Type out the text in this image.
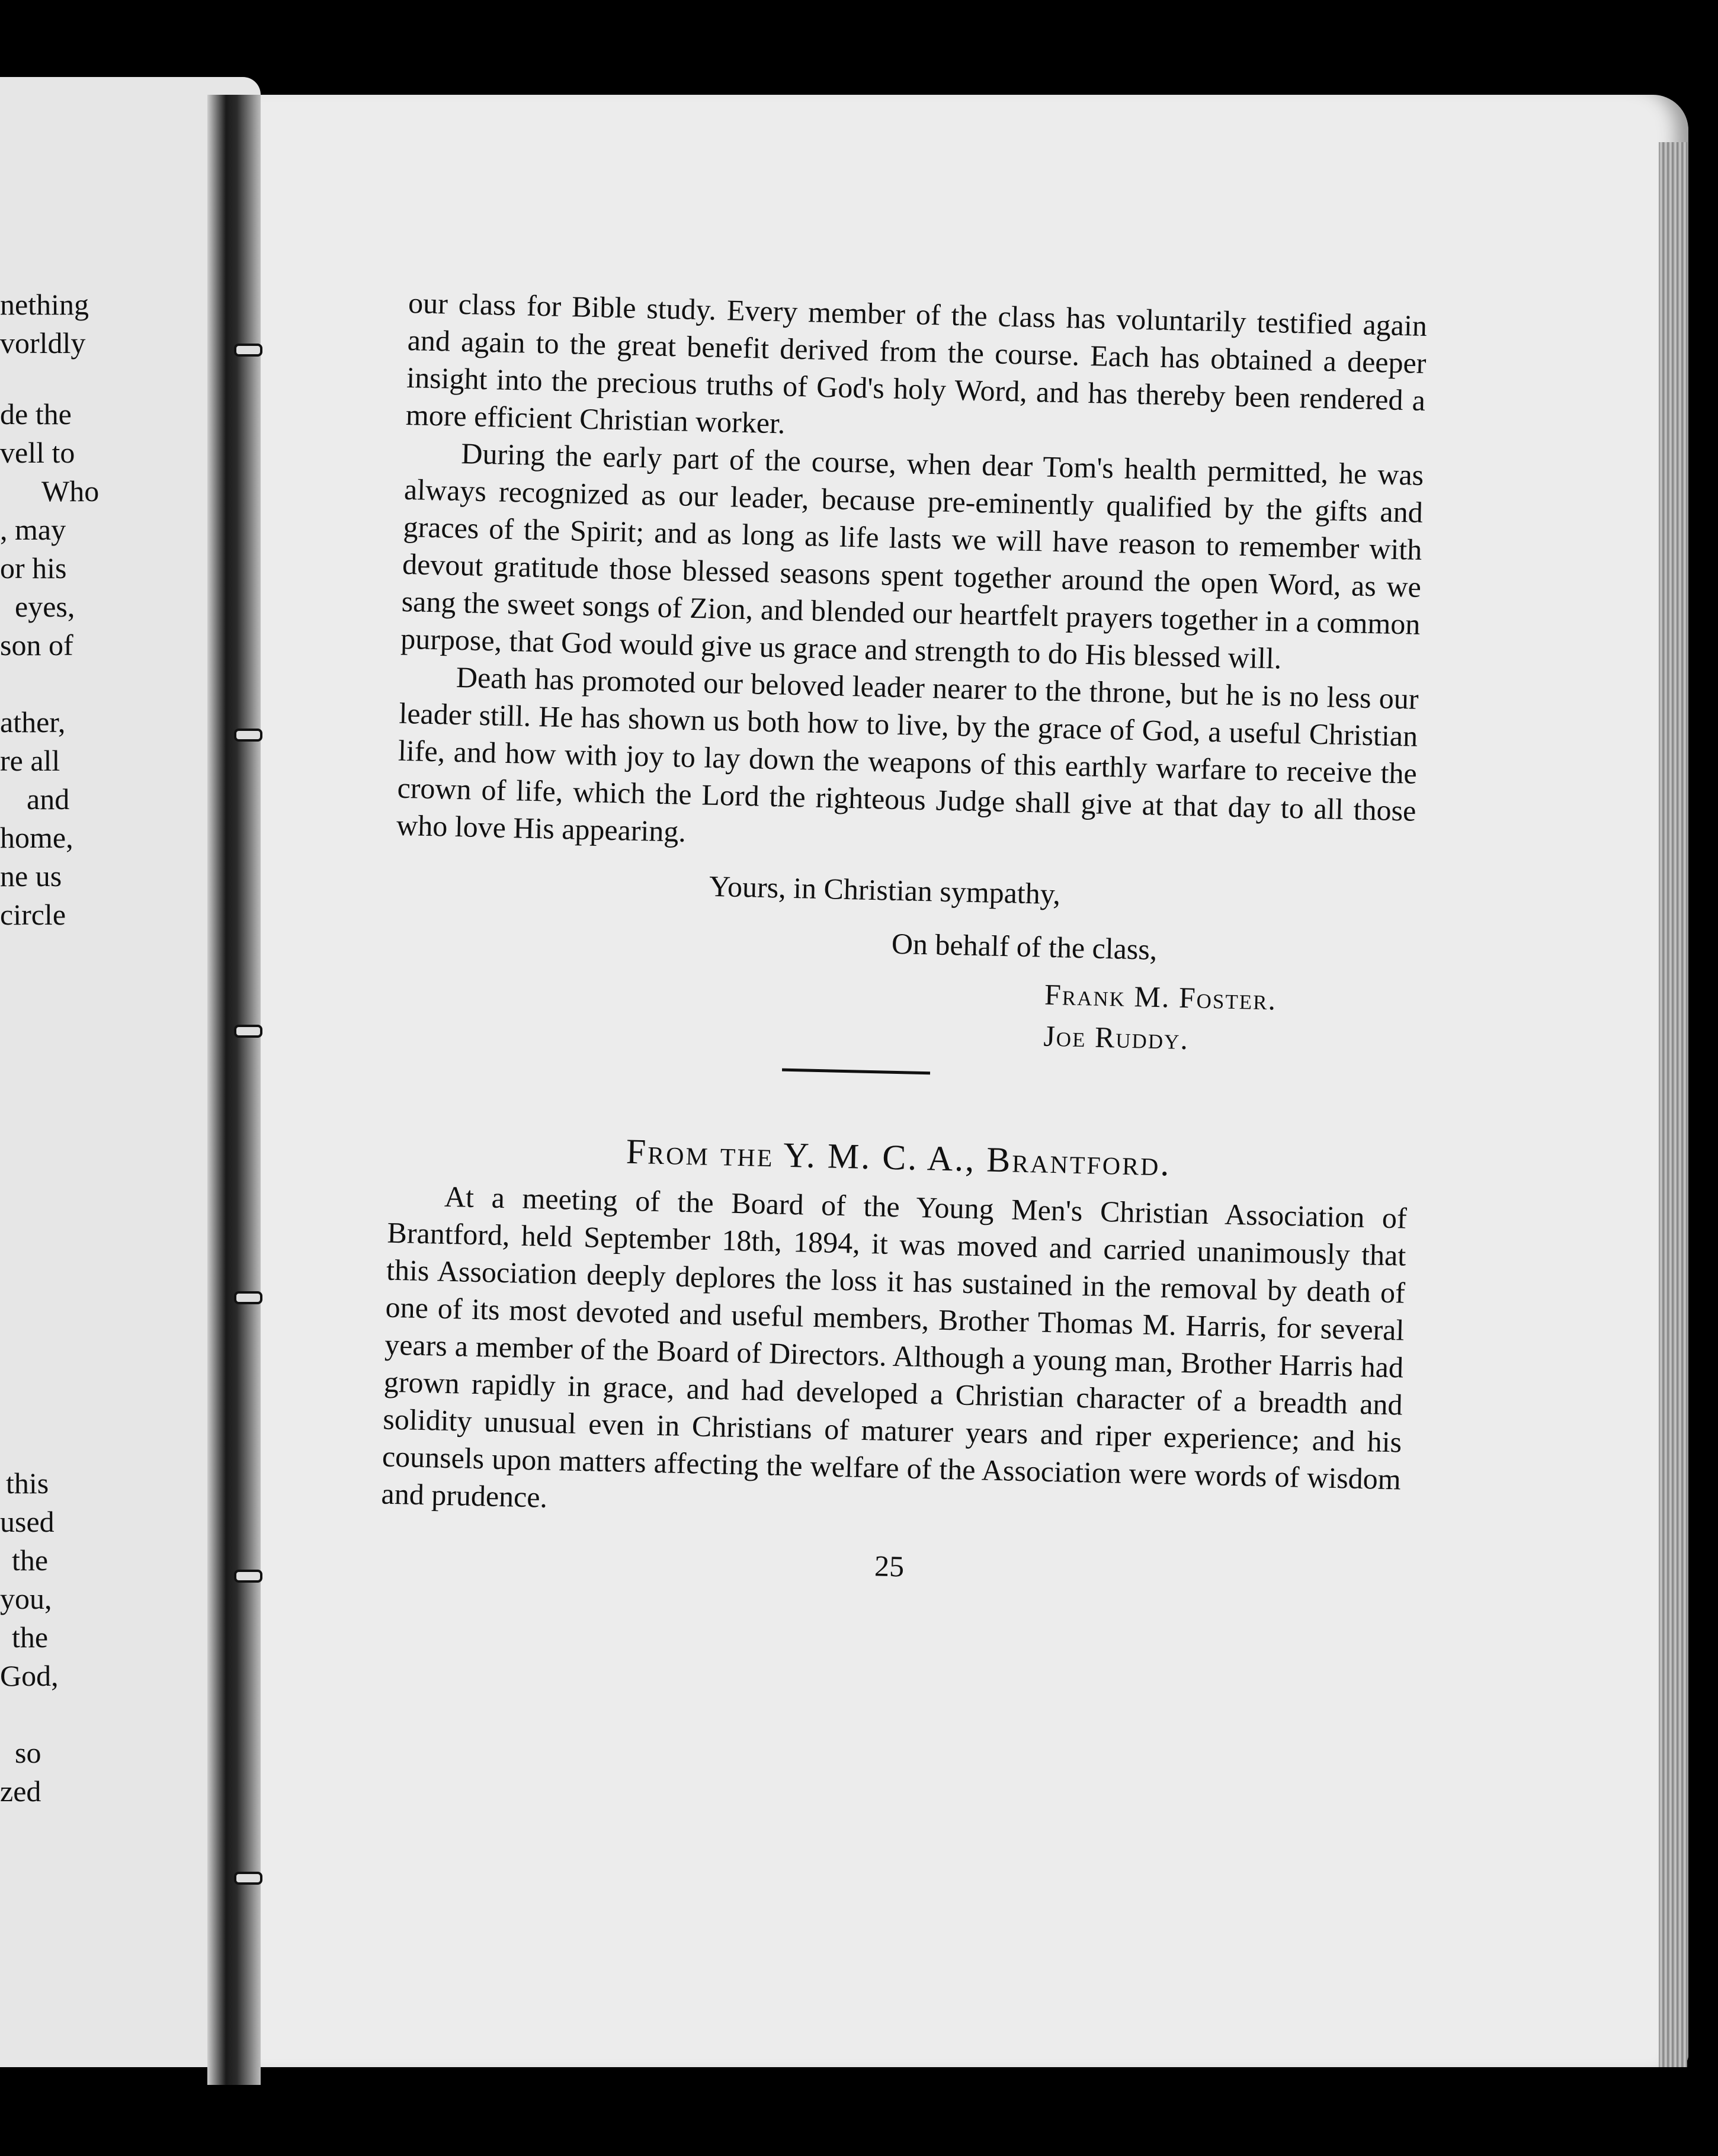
nething
vorldly
de the
vell to
Who
, may
or his
eyes,
son of
ather,
re all
and
home,
ne us
circle
this
used
the
you,
the
God,
so
zed

our class for Bible study. Every member of the class has voluntarily testified again and again to the great benefit derived from the course. Each has obtained a deeper insight into the precious truths of God's holy Word, and has thereby been rendered a more efficient Christian worker.

During the early part of the course, when dear Tom's health permitted, he was always recognized as our leader, because pre-eminently qualified by the gifts and graces of the Spirit; and as long as life lasts we will have reason to remember with devout gratitude those blessed seasons spent together around the open Word, as we sang the sweet songs of Zion, and blended our heartfelt prayers together in a common purpose, that God would give us grace and strength to do His blessed will.

Death has promoted our beloved leader nearer to the throne, but he is no less our leader still. He has shown us both how to live, by the grace of God, a useful Christian life, and how with joy to lay down the weapons of this earthly warfare to receive the crown of life, which the Lord the righteous Judge shall give at that day to all those who love His appearing.

Yours, in Christian sympathy,
On behalf of the class,
Frank M. Foster.
Joe Ruddy.
From the Y. M. C. A., Brantford.

At a meeting of the Board of the Young Men's Christian Association of Brantford, held September 18th, 1894, it was moved and carried unanimously that this Association deeply deplores the loss it has sustained in the removal by death of one of its most devoted and useful members, Brother Thomas M. Harris, for several years a member of the Board of Directors. Although a young man, Brother Harris had grown rapidly in grace, and had developed a Christian character of a breadth and solidity unusual even in Christians of maturer years and riper experience; and his counsels upon matters affecting the welfare of the Association were words of wisdom and prudence.

25
